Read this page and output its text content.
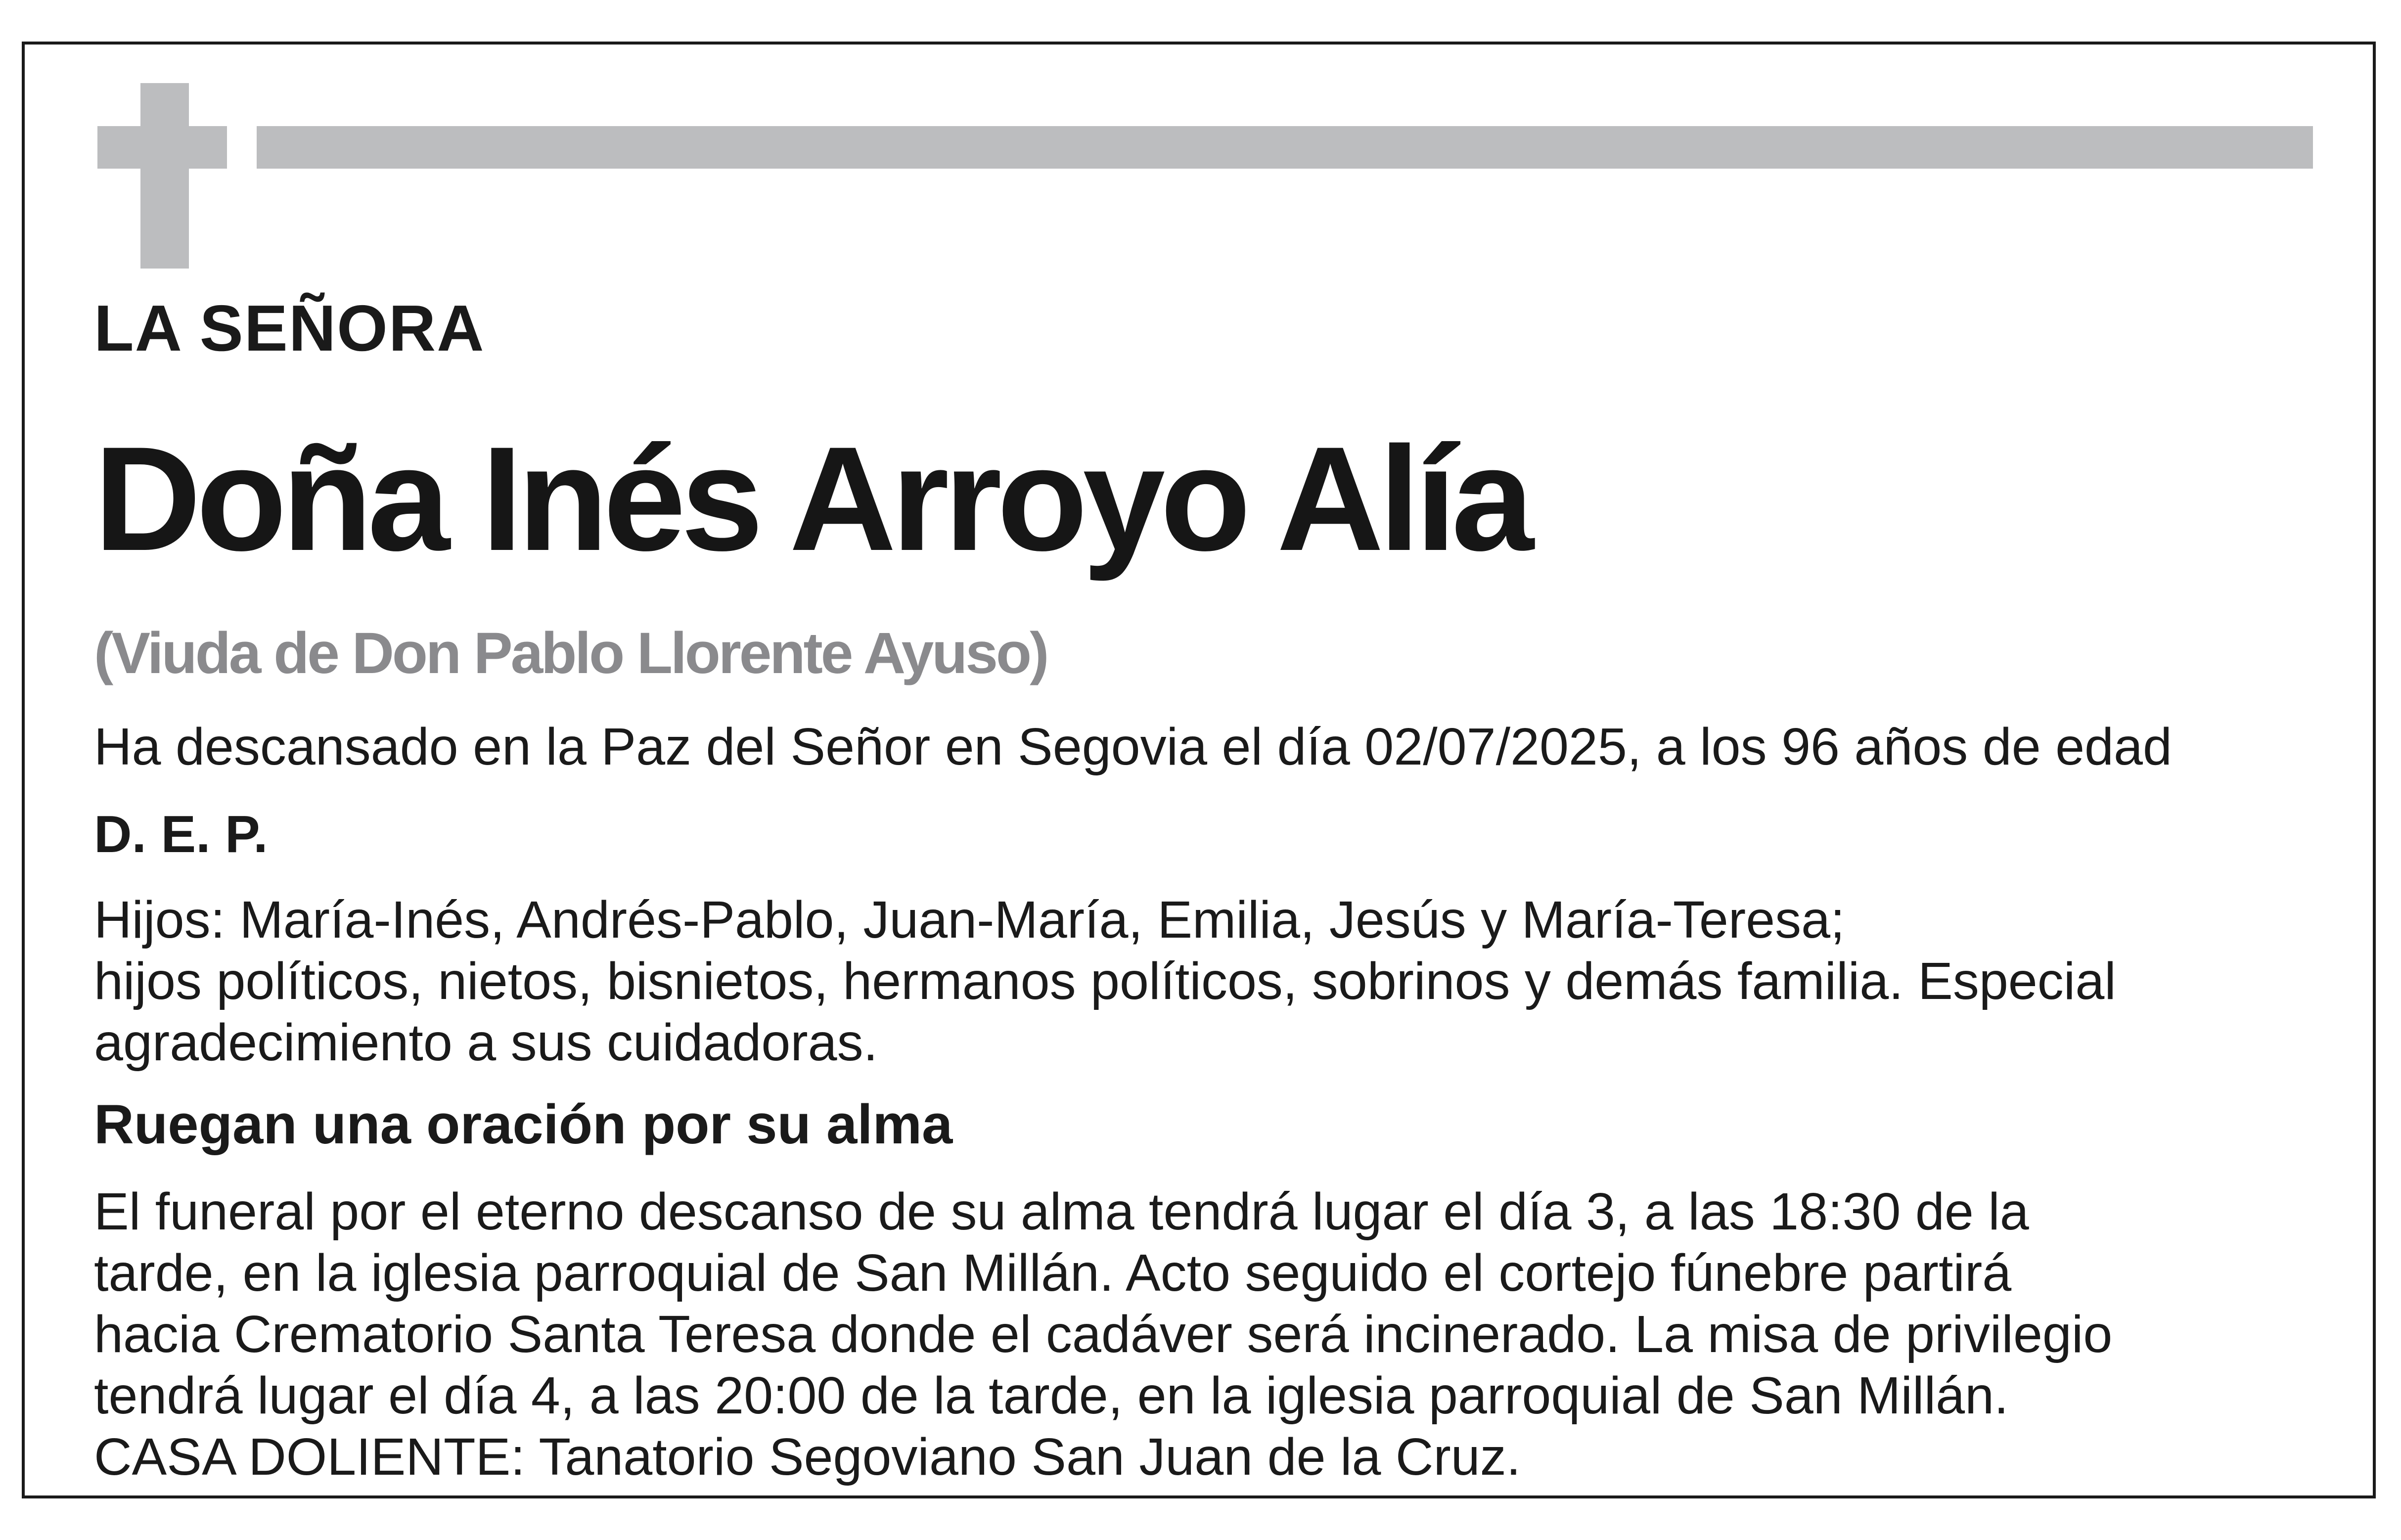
LA SEÑORA
Doña Inés Arroyo Alía
(Viuda de Don Pablo Llorente Ayuso)
Ha descansado en la Paz del Señor en Segovia el día 02/07/2025, a los 96 años de edad
D. E. P.
Hijos: María-Inés, Andrés-Pablo, Juan-María, Emilia, Jesús y María-Teresa;
hijos políticos, nietos, bisnietos, hermanos políticos, sobrinos y demás familia. Especial
agradecimiento a sus cuidadoras.
Ruegan una oración por su alma
El funeral por el eterno descanso de su alma tendrá lugar el día 3, a las 18:30 de la
tarde, en la iglesia parroquial de San Millán. Acto seguido el cortejo fúnebre partirá
hacia Crematorio Santa Teresa donde el cadáver será incinerado. La misa de privilegio
tendrá lugar el día 4, a las 20:00 de la tarde, en la iglesia parroquial de San Millán.
CASA DOLIENTE: Tanatorio Segoviano San Juan de la Cruz.
